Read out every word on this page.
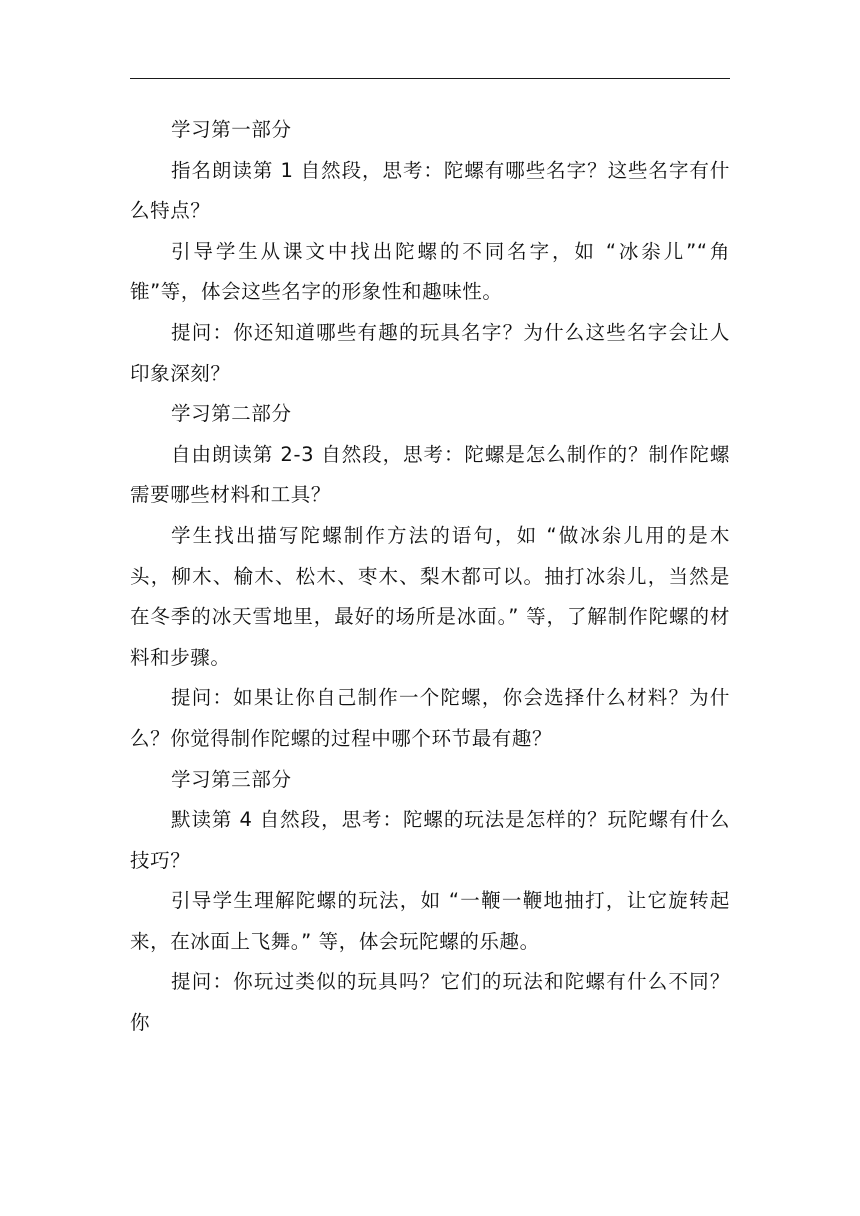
学习第一部分

指名朗读第 1 自然段，思考：陀螺有哪些名字？这些名字有什么特点？

引导学生从课文中找出陀螺的不同名字，如 “冰尜儿”“角锥”等，体会这些名字的形象性和趣味性。

提问：你还知道哪些有趣的玩具名字？为什么这些名字会让人印象深刻？

学习第二部分

自由朗读第 2-3 自然段，思考：陀螺是怎么制作的？制作陀螺需要哪些材料和工具？

学生找出描写陀螺制作方法的语句，如 “做冰尜儿用的是木头，柳木、榆木、松木、枣木、梨木都可以。抽打冰尜儿，当然是在冬季的冰天雪地里，最好的场所是冰面。” 等，了解制作陀螺的材料和步骤。

提问：如果让你自己制作一个陀螺，你会选择什么材料？为什么？你觉得制作陀螺的过程中哪个环节最有趣？

学习第三部分

默读第 4 自然段，思考：陀螺的玩法是怎样的？玩陀螺有什么技巧？

引导学生理解陀螺的玩法，如 “一鞭一鞭地抽打，让它旋转起来，在冰面上飞舞。” 等，体会玩陀螺的乐趣。

提问：你玩过类似的玩具吗？它们的玩法和陀螺有什么不同？你
